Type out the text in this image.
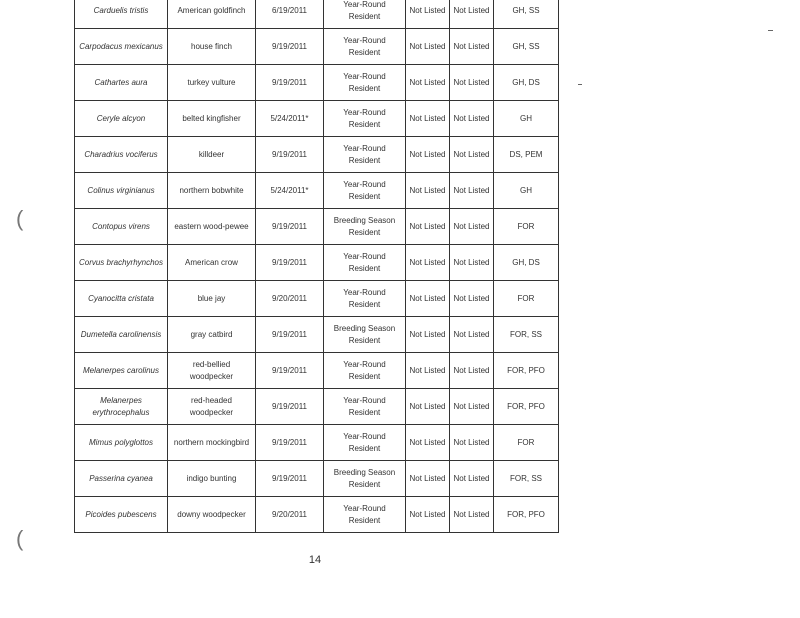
(
(
Carduelis tristis	American goldfinch	6/19/2011	Year-Round Resident	Not Listed	Not Listed	GH, SS
Carpodacus mexicanus	house finch	9/19/2011	Year-Round Resident	Not Listed	Not Listed	GH, SS
Cathartes aura	turkey vulture	9/19/2011	Year-Round Resident	Not Listed	Not Listed	GH, DS
Ceryle alcyon	belted kingfisher	5/24/2011*	Year-Round Resident	Not Listed	Not Listed	GH
Charadrius vociferus	killdeer	9/19/2011	Year-Round Resident	Not Listed	Not Listed	DS, PEM
Colinus virginianus	northern bobwhite	5/24/2011*	Year-Round Resident	Not Listed	Not Listed	GH
Contopus virens	eastern wood-pewee	9/19/2011	Breeding Season Resident	Not Listed	Not Listed	FOR
Corvus brachyrhynchos	American crow	9/19/2011	Year-Round Resident	Not Listed	Not Listed	GH, DS
Cyanocitta cristata	blue jay	9/20/2011	Year-Round Resident	Not Listed	Not Listed	FOR
Dumetella carolinensis	gray catbird	9/19/2011	Breeding Season Resident	Not Listed	Not Listed	FOR, SS
Melanerpes carolinus	red-bellied woodpecker	9/19/2011	Year-Round Resident	Not Listed	Not Listed	FOR, PFO
Melanerpes erythrocephalus	red-headed woodpecker	9/19/2011	Year-Round Resident	Not Listed	Not Listed	FOR, PFO
Mimus polyglottos	northern mockingbird	9/19/2011	Year-Round Resident	Not Listed	Not Listed	FOR
Passerina cyanea	indigo bunting	9/19/2011	Breeding Season Resident	Not Listed	Not Listed	FOR, SS
Picoides pubescens	downy woodpecker	9/20/2011	Year-Round Resident	Not Listed	Not Listed	FOR, PFO
14
